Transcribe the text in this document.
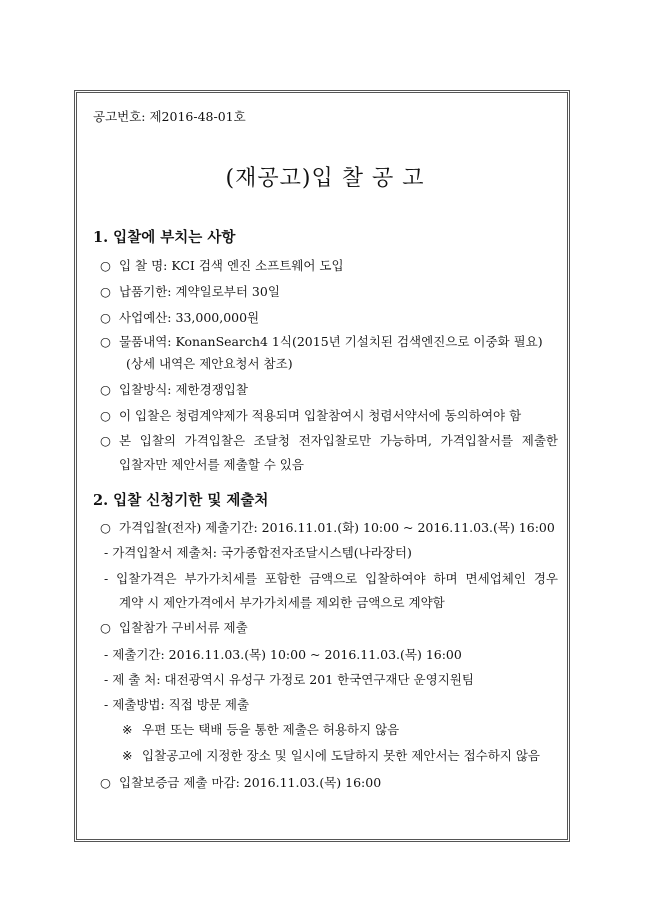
공고번호: 제2016-48-01호
(재공고)입 찰 공 고
1. 입찰에 부치는 사항
○ 입 찰 명: KCI 검색 엔진 소프트웨어 도입
○ 납품기한: 계약일로부터 30일
○ 사업예산: 33,000,000원
○ 물품내역: KonanSearch4 1식(2015년 기설치된 검색엔진으로 이중화 필요)
(상세 내역은 제안요청서 참조)
○ 입찰방식: 제한경쟁입찰
○ 이 입찰은 청렴계약제가 적용되며 입찰참여시 청렴서약서에 동의하여야 함
○ 본 입찰의 가격입찰은 조달청 전자입찰로만 가능하며, 가격입찰서를 제출한
입찰자만 제안서를 제출할 수 있음
2. 입찰 신청기한 및 제출처
○ 가격입찰(전자) 제출기간: 2016.11.01.(화) 10:00 ~ 2016.11.03.(목) 16:00
- 가격입찰서 제출처: 국가종합전자조달시스템(나라장터)
- 입찰가격은 부가가치세를 포함한 금액으로 입찰하여야 하며 면세업체인 경우
계약 시 제안가격에서 부가가치세를 제외한 금액으로 계약함
○ 입찰참가 구비서류 제출
- 제출기간: 2016.11.03.(목) 10:00 ~ 2016.11.03.(목) 16:00
- 제 출 처: 대전광역시 유성구 가정로 201 한국연구재단 운영지원팀
- 제출방법: 직접 방문 제출
※ 우편 또는 택배 등을 통한 제출은 허용하지 않음
※ 입찰공고에 지정한 장소 및 일시에 도달하지 못한 제안서는 접수하지 않음
○ 입찰보증금 제출 마감: 2016.11.03.(목) 16:00
